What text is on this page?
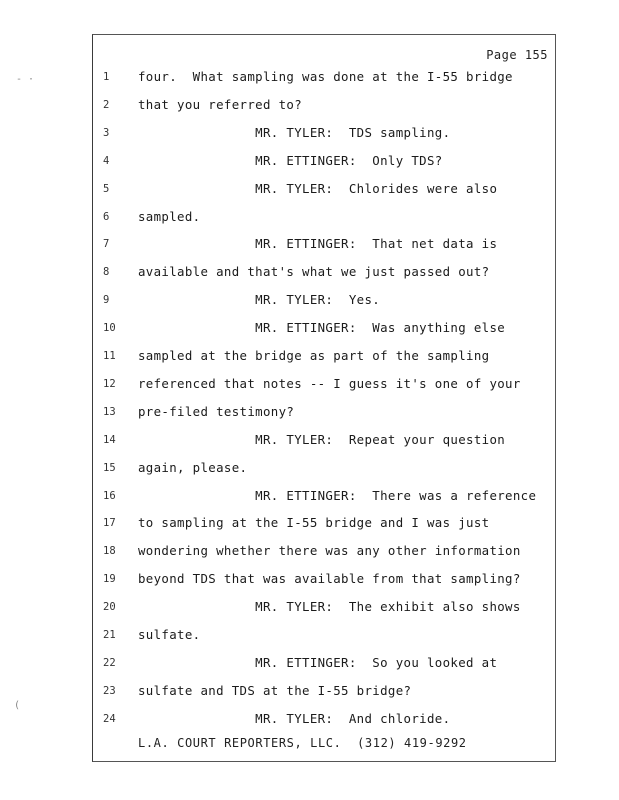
Page 155
1	four.  What sampling was done at the I-55 bridge
2	that you referred to?
3	MR. TYLER:  TDS sampling.
4	MR. ETTINGER:  Only TDS?
5	MR. TYLER:  Chlorides were also
6	sampled.
7	MR. ETTINGER:  That net data is
8	available and that's what we just passed out?
9	MR. TYLER:  Yes.
10	MR. ETTINGER:  Was anything else
11	sampled at the bridge as part of the sampling
12	referenced that notes -- I guess it's one of your
13	pre-filed testimony?
14	MR. TYLER:  Repeat your question
15	again, please.
16	MR. ETTINGER:  There was a reference
17	to sampling at the I-55 bridge and I was just
18	wondering whether there was any other information
19	beyond TDS that was available from that sampling?
20	MR. TYLER:  The exhibit also shows
21	sulfate.
22	MR. ETTINGER:  So you looked at
23	sulfate and TDS at the I-55 bridge?
24	MR. TYLER:  And chloride.
L.A. COURT REPORTERS, LLC.  (312) 419-9292
‐ ·
(
